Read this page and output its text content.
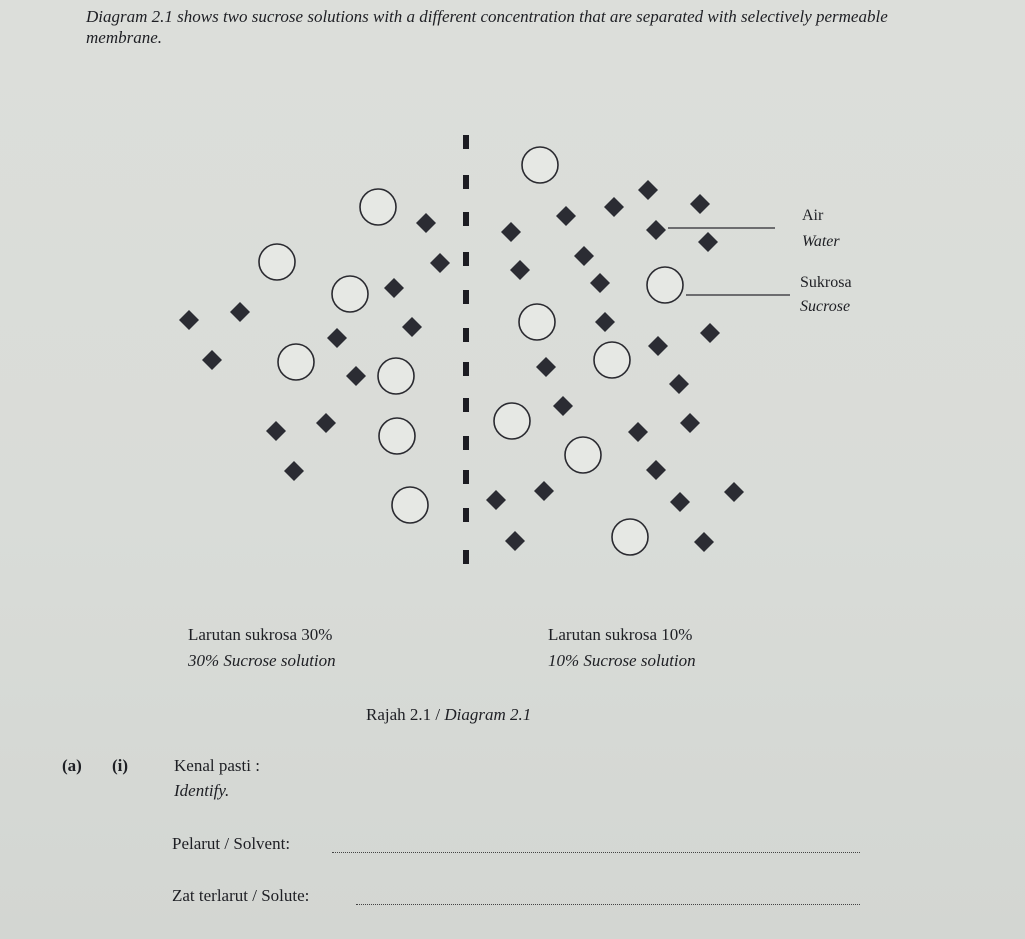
Diagram 2.1 shows two sucrose solutions with a different concentration that are separated with selectively permeable membrane.
Air
Water
Sukrosa
Sucrose
Larutan sukrosa 30%
30% Sucrose solution
Larutan sukrosa 10%
10% Sucrose solution
Rajah 2.1 / Diagram 2.1
(a) (i)	Kenal pasti :
Identify.
Pelarut / Solvent:
Zat terlarut / Solute:
